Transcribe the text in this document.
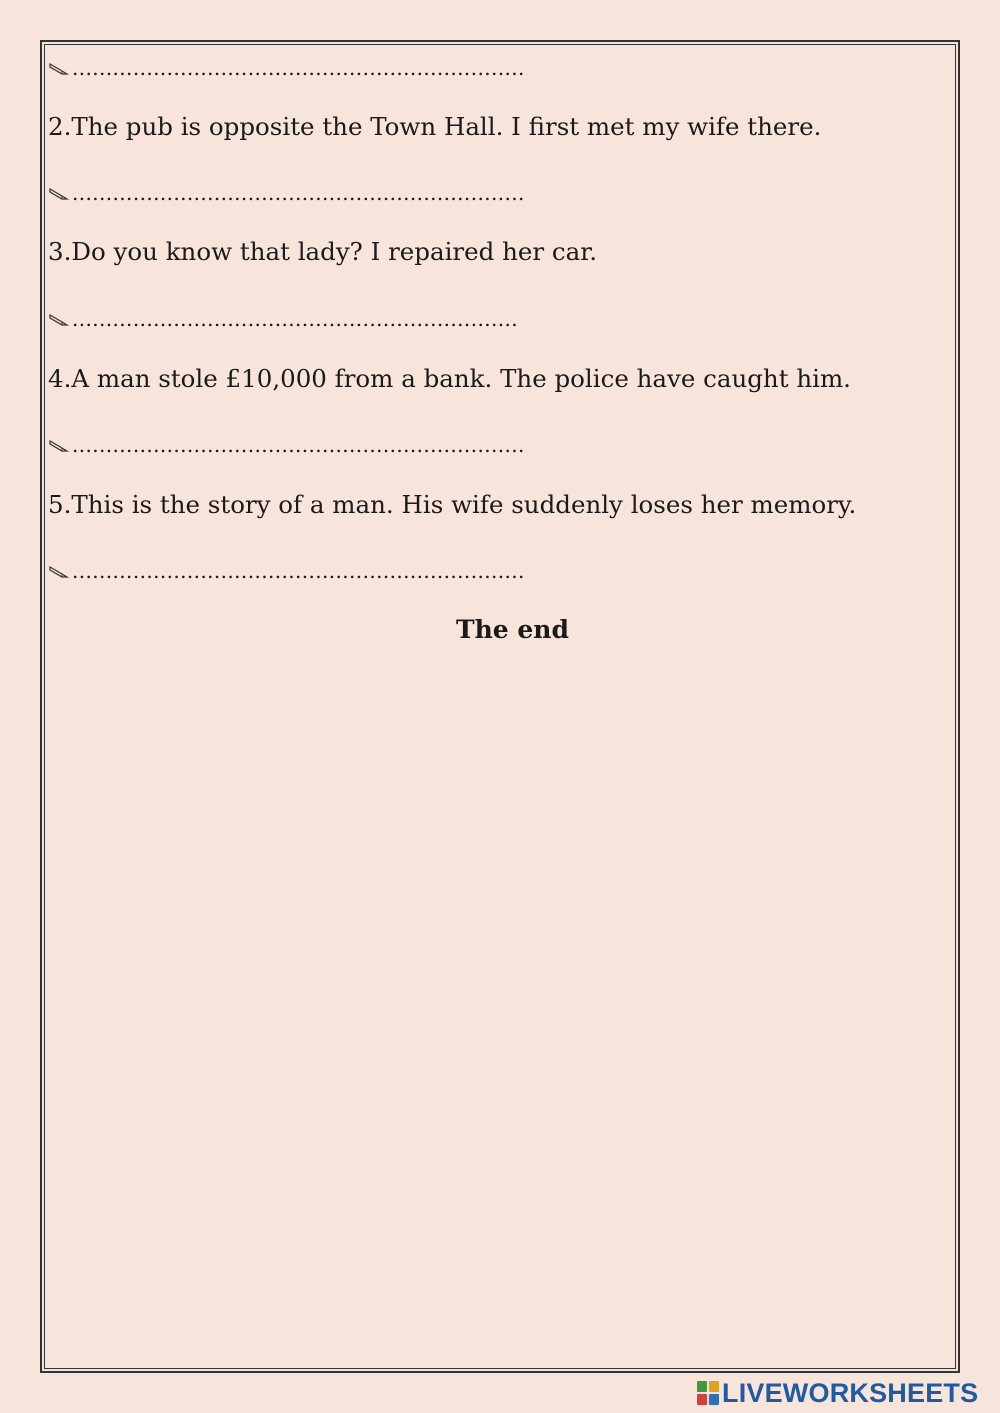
...................................................................
2.The pub is opposite the Town Hall. I first met my wife there.
...................................................................
3.Do you know that lady? I repaired her car.
..................................................................
4.A man stole £10,000 from a bank. The police have caught him.
...................................................................
5.This is the story of a man. His wife suddenly loses her memory.
...................................................................
The end
LIVEWORKSHEETS
